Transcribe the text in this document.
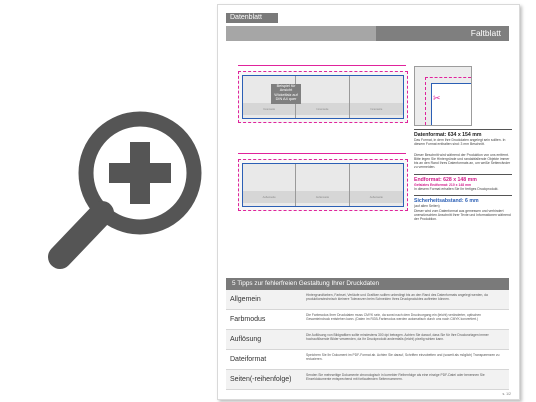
Datenblatt
Faltblatt
Innenseite	Innenseite	Innenseite
Beispiel für Ansicht Wickelfalz auf DIN A4 quer
Außenseite	Außenseite	Außenseite
✂
Datenformat: 634 x 154 mm
Das Format, in dem Ihre Druckdaten angelegt sein sollten. In diesem Format enthalten sind: 3 mm Beschnitt.
Dieser Beschnitt wird während der Produktion von uns entfernt. Bitte legen Sie Hintergründe und randabfallende Objekte immer bis an den Rand Ihres Datenformats an, um weiße Seitenränder zu vermeiden.
Endformat: 628 x 148 mm
Gefalztes Endformat: 210 x 148 mm
In diesem Format erhalten Sie Ihr fertiges Druckprodukt.
Sicherheitsabstand: 6 mm
(auf allen Seiten)
Dieser wird vom Datenformat aus gemessen und verhindert unerwünschten Anschnitt Ihrer Texte und Informationen während der Produktion.
5 Tipps zur fehlerfreien Gestaltung Ihrer Druckdaten
Allgemein
Hintergrundfarben, Farbset, Verläufe und Grafiken sollten unbedingt bis an den Rand des Datenformats angelegt werden, da produktionstechnisch kleinere Toleranzen beim Schneiden Ihres Druckproduktes auftreten können.
Farbmodus
Die Farbmodus Ihrer Druckdaten muss CMYK sein, da sonst nach dem Druckvorgang ein (leicht) veränderter, optischen Gesamteindruck entstehen kann. (Daten im RGB-Farbmodus werden automatisch durch uns nach CMYK konvertiert.)
Auflösung
Die Auflösung von Bildgrafiken sollte mindestens 300 dpi betragen. Achten Sie darauf, dass Sie für Ihre Druckvorlagen immer hochauflösende Bilder verwenden, da Ihr Druckprodukt andernfalls (leicht) pixelig wirken kann.
Dateiformat
Speichern Sie Ihr Dokument im PDF-Format ab. Achten Sie darauf, Schriften einzubetten und (soweit als möglich) Transparenzen zu reduzieren.
Seiten(-reihenfolge)
Senden Sie mehrseitige Dokumente chronologisch in korrekter Reihenfolge als eine einzige PDF-Datei oder benennen Sie Einzeldokumente entsprechend mit fortlaufenden Seitennummern.
s. 1/2
